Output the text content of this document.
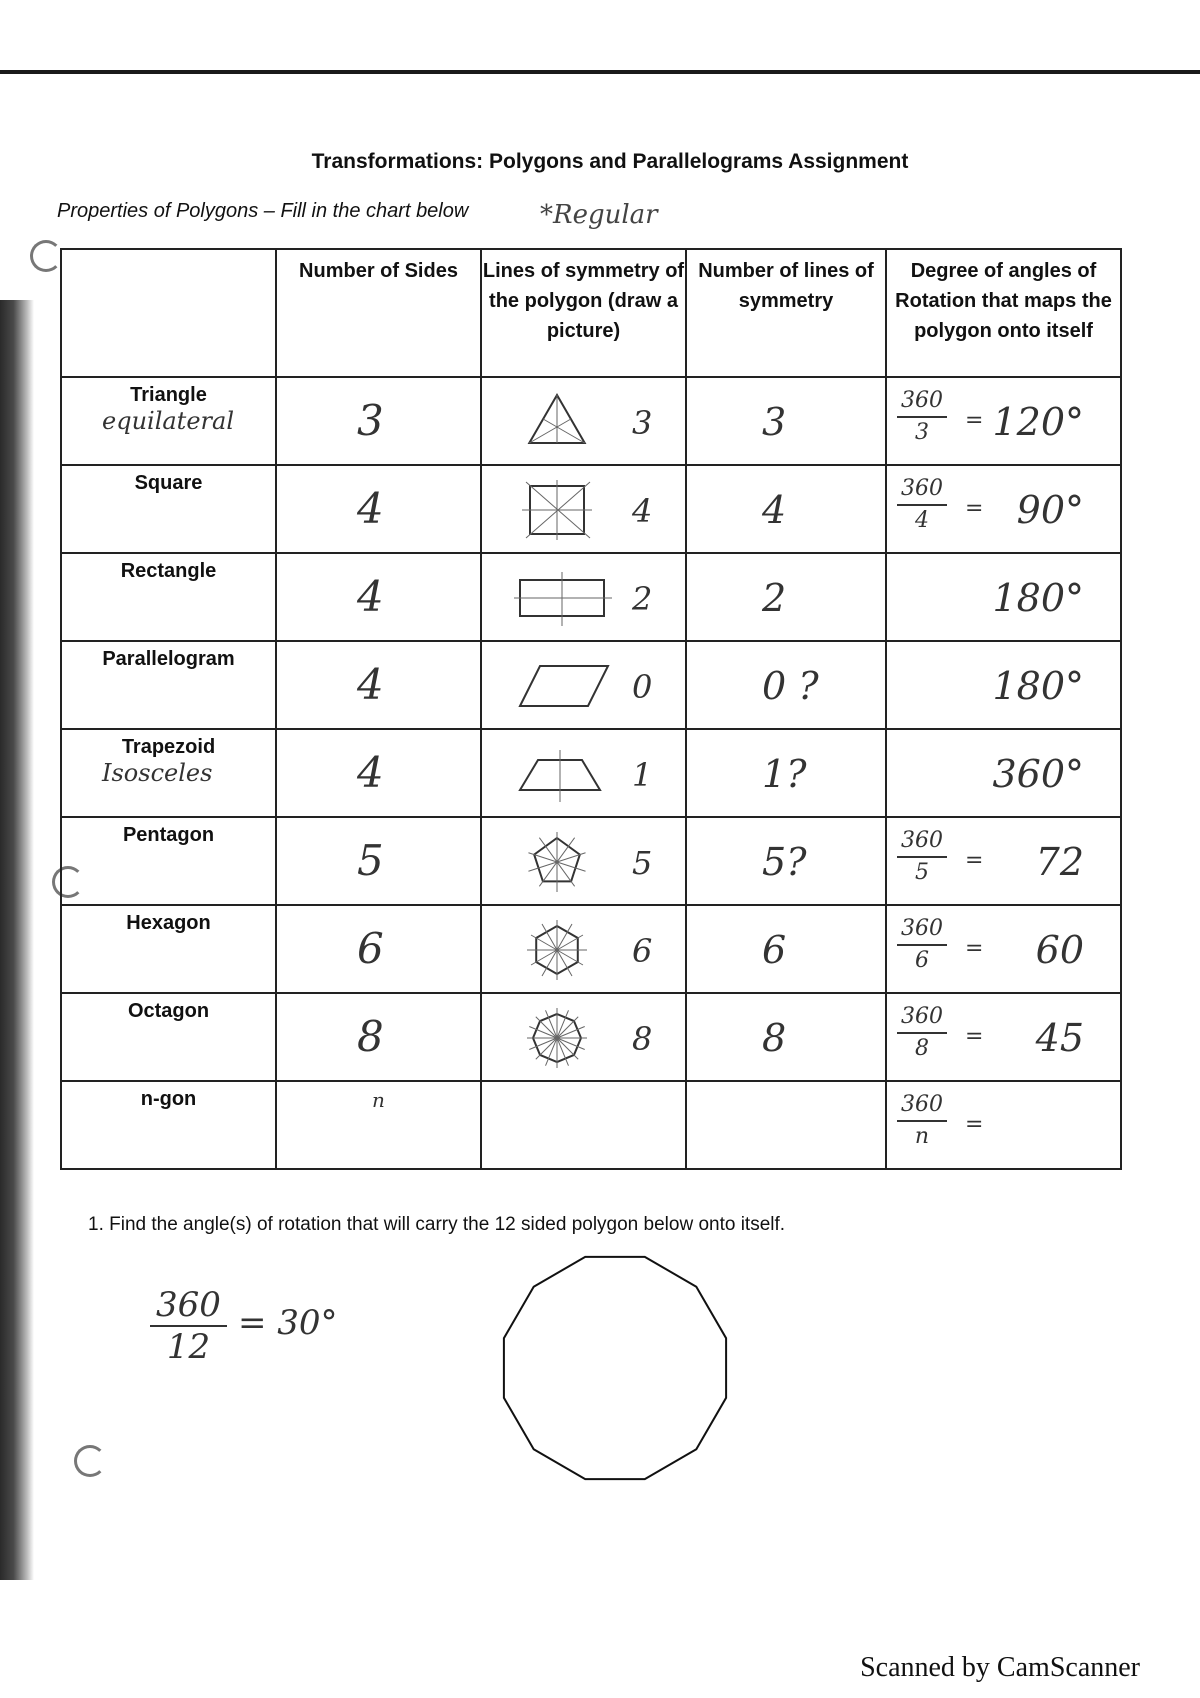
Transformations: Polygons and Parallelograms Assignment
Properties of Polygons – Fill in the chart below	*Regular
	Number of Sides	Lines of symmetry of the polygon (draw a picture)	Number of lines of symmetry	Degree of angles of Rotation that maps the polygon onto itself

Triangle
equilateral	3	3	3	$\frac{360}{3} = 120^\circ$

Square	4	4	4	$\frac{360}{4} = 90^\circ$

Rectangle	4	2	2	180°

Parallelogram	4	0	0 ?	180°

Trapezoid
Isosceles	4	1	1?	360°

Pentagon	5	5	5?	$\frac{360}{5} = 72$

Hexagon	6	6	6	$\frac{360}{6} = 60$

Octagon	8	8	8	$\frac{360}{8} = 45$

n-gon	n			$\frac{360}{n}$ =
1. Find the angle(s) of rotation that will carry the 12 sided polygon below onto itself.
360
12
= 30°
Scanned by CamScanner
